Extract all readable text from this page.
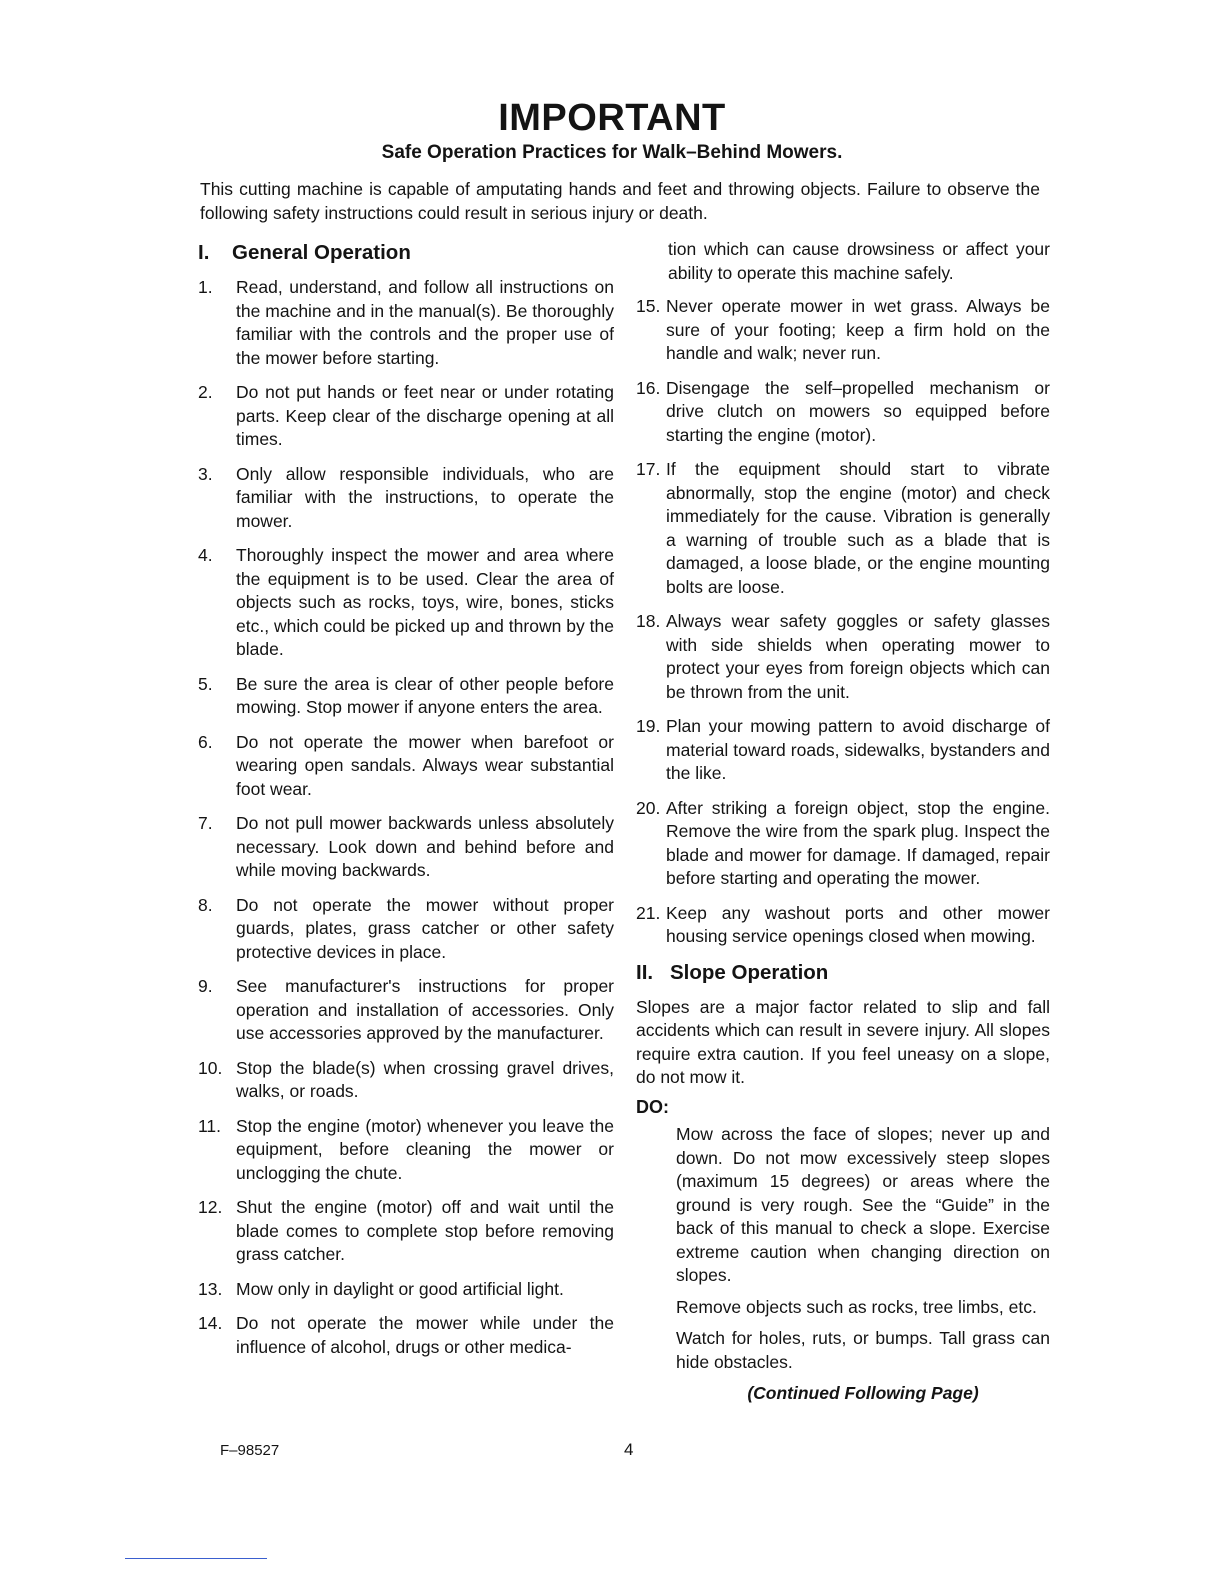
IMPORTANT
Safe Operation Practices for Walk–Behind Mowers.
This cutting machine is capable of amputating hands and feet and throwing objects. Failure to observe the following safety instructions could result in serious injury or death.
I. General Operation
1.	Read, understand, and follow all instructions on the machine and in the manual(s). Be thoroughly familiar with the controls and the proper use of the mower before starting.
2.	Do not put hands or feet near or under rotating parts. Keep clear of the discharge opening at all times.
3.	Only allow responsible individuals, who are familiar with the instructions, to operate the mower.
4.	Thoroughly inspect the mower and area where the equipment is to be used. Clear the area of objects such as rocks, toys, wire, bones, sticks etc., which could be picked up and thrown by the blade.
5.	Be sure the area is clear of other people before mowing. Stop mower if anyone enters the area.
6.	Do not operate the mower when barefoot or wearing open sandals. Always wear substantial foot wear.
7.	Do not pull mower backwards unless absolutely necessary. Look down and behind before and while moving backwards.
8.	Do not operate the mower without proper guards, plates, grass catcher or other safety protective devices in place.
9.	See manufacturer's instructions for proper operation and installation of accessories. Only use accessories approved by the manufacturer.
10. Stop the blade(s) when crossing gravel drives, walks, or roads.
11. Stop the engine (motor) whenever you leave the equipment, before cleaning the mower or unclogging the chute.
12. Shut the engine (motor) off and wait until the blade comes to complete stop before removing grass catcher.
13. Mow only in daylight or good artificial light.
14. Do not operate the mower while under the influence of alcohol, drugs or other medica-
tion which can cause drowsiness or affect your ability to operate this machine safely.
15. Never operate mower in wet grass. Always be sure of your footing; keep a firm hold on the handle and walk; never run.
16. Disengage the self–propelled mechanism or drive clutch on mowers so equipped before starting the engine (motor).
17. If the equipment should start to vibrate abnormally, stop the engine (motor) and check immediately for the cause. Vibration is generally a warning of trouble such as a blade that is damaged, a loose blade, or the engine mounting bolts are loose.
18. Always wear safety goggles or safety glasses with side shields when operating mower to protect your eyes from foreign objects which can be thrown from the unit.
19. Plan your mowing pattern to avoid discharge of material toward roads, sidewalks, bystanders and the like.
20. After striking a foreign object, stop the engine. Remove the wire from the spark plug. Inspect the blade and mower for damage. If damaged, repair before starting and operating the mower.
21. Keep any washout ports and other mower housing service openings closed when mowing.
II. Slope Operation
Slopes are a major factor related to slip and fall accidents which can result in severe injury. All slopes require extra caution. If you feel uneasy on a slope, do not mow it.
DO:
Mow across the face of slopes; never up and down. Do not mow excessively steep slopes (maximum 15 degrees) or areas where the ground is very rough. See the “Guide” in the back of this manual to check a slope. Exercise extreme caution when changing direction on slopes.
Remove objects such as rocks, tree limbs, etc.
Watch for holes, ruts, or bumps. Tall grass can hide obstacles.
(Continued Following Page)
F–98527	4
